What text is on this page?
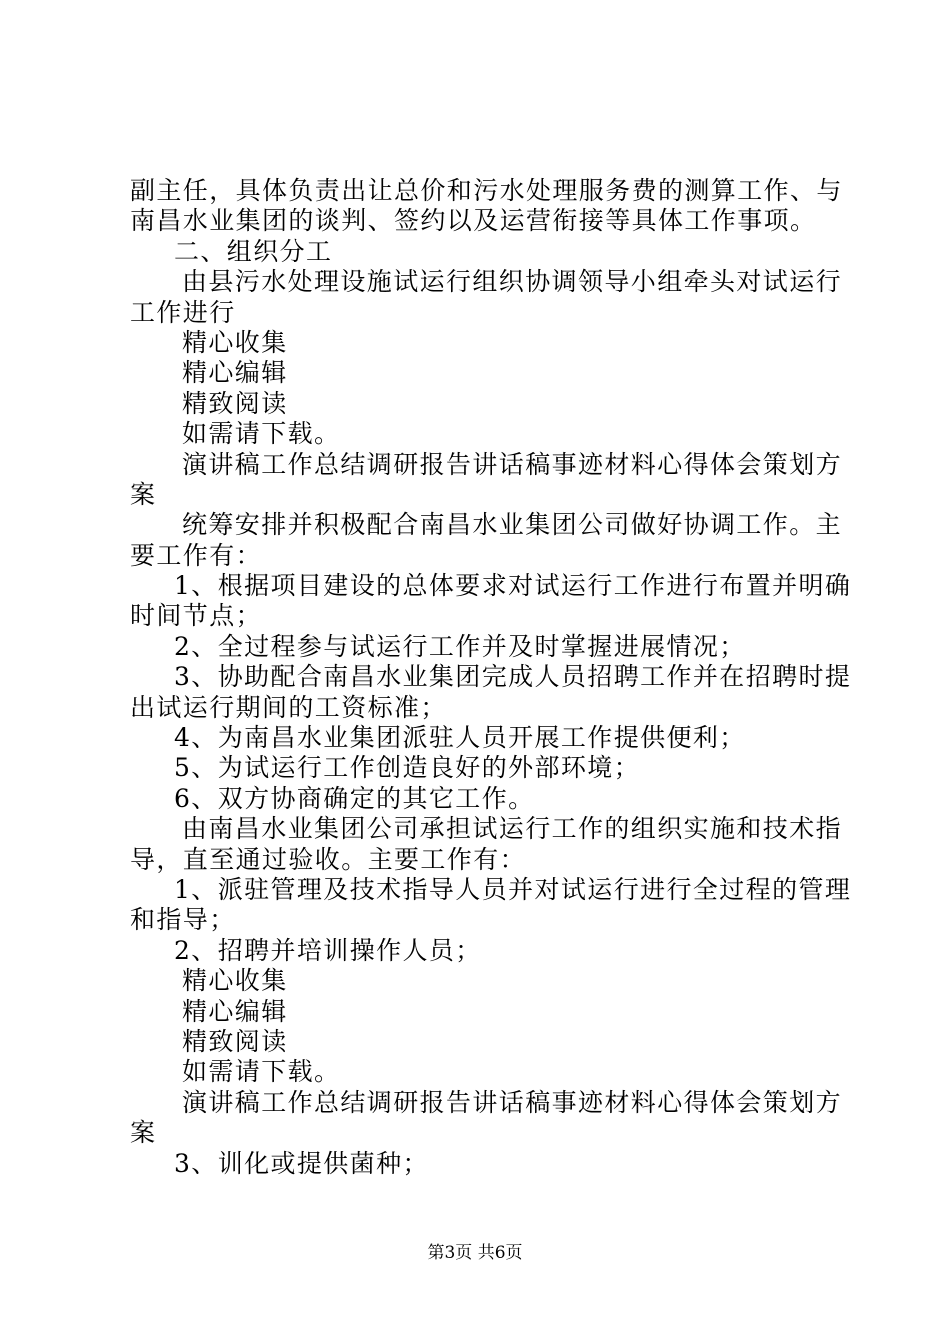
副主任，具体负责出让总价和污水处理服务费的测算工作、与

南昌水业集团的谈判、签约以及运营衔接等具体工作事项。

二、组织分工

由县污水处理设施试运行组织协调领导小组牵头对试运行

工作进行

精心收集

精心编辑

精致阅读

如需请下载。

演讲稿工作总结调研报告讲话稿事迹材料心得体会策划方

案

统筹安排并积极配合南昌水业集团公司做好协调工作。主

要工作有：

1、根据项目建设的总体要求对试运行工作进行布置并明确

时间节点；

2、全过程参与试运行工作并及时掌握进展情况；

3、协助配合南昌水业集团完成人员招聘工作并在招聘时提

出试运行期间的工资标准；

4、为南昌水业集团派驻人员开展工作提供便利；

5、为试运行工作创造良好的外部环境；

6、双方协商确定的其它工作。

由南昌水业集团公司承担试运行工作的组织实施和技术指

导，直至通过验收。主要工作有：

1、派驻管理及技术指导人员并对试运行进行全过程的管理

和指导；

2、招聘并培训操作人员；

精心收集

精心编辑

精致阅读

如需请下载。

演讲稿工作总结调研报告讲话稿事迹材料心得体会策划方

案

3、训化或提供菌种；

第3页 共6页
